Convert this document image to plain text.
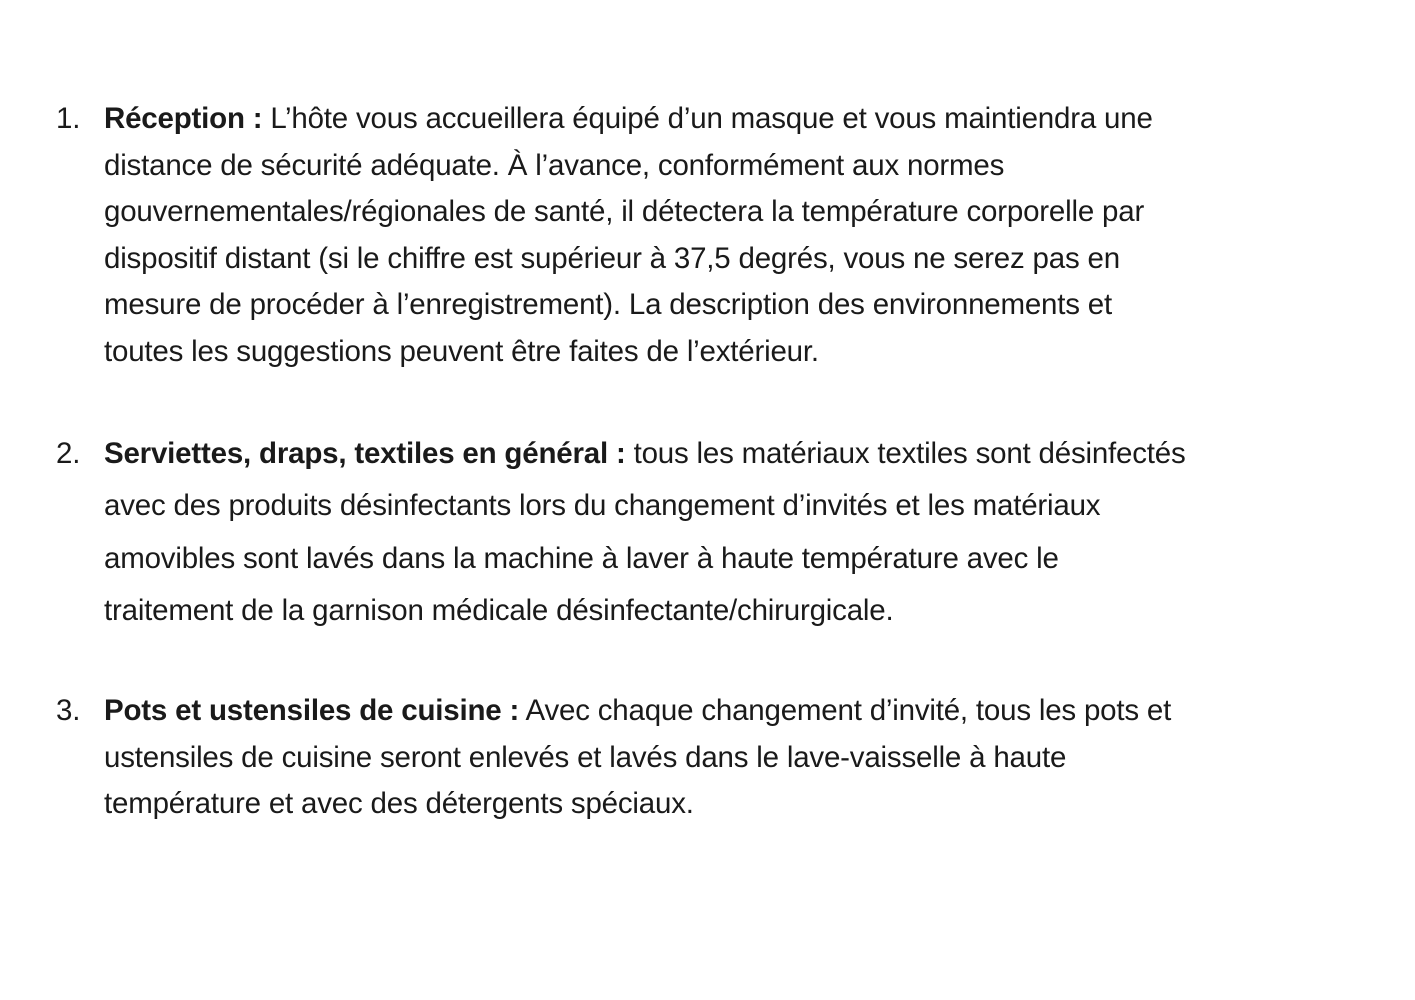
1. Réception : L’hôte vous accueillera équipé d’un masque et vous maintiendra une
distance de sécurité adéquate. À l’avance, conformément aux normes
gouvernementales/régionales de santé, il détectera la température corporelle par
dispositif distant (si le chiffre est supérieur à 37,5 degrés, vous ne serez pas en
mesure de procéder à l’enregistrement). La description des environnements et
toutes les suggestions peuvent être faites de l’extérieur.
2. Serviettes, draps, textiles en général : tous les matériaux textiles sont désinfectés
avec des produits désinfectants lors du changement d’invités et les matériaux
amovibles sont lavés dans la machine à laver à haute température avec le
traitement de la garnison médicale désinfectante/chirurgicale.
3. Pots et ustensiles de cuisine : Avec chaque changement d’invité, tous les pots et
ustensiles de cuisine seront enlevés et lavés dans le lave-vaisselle à haute
température et avec des détergents spéciaux.
